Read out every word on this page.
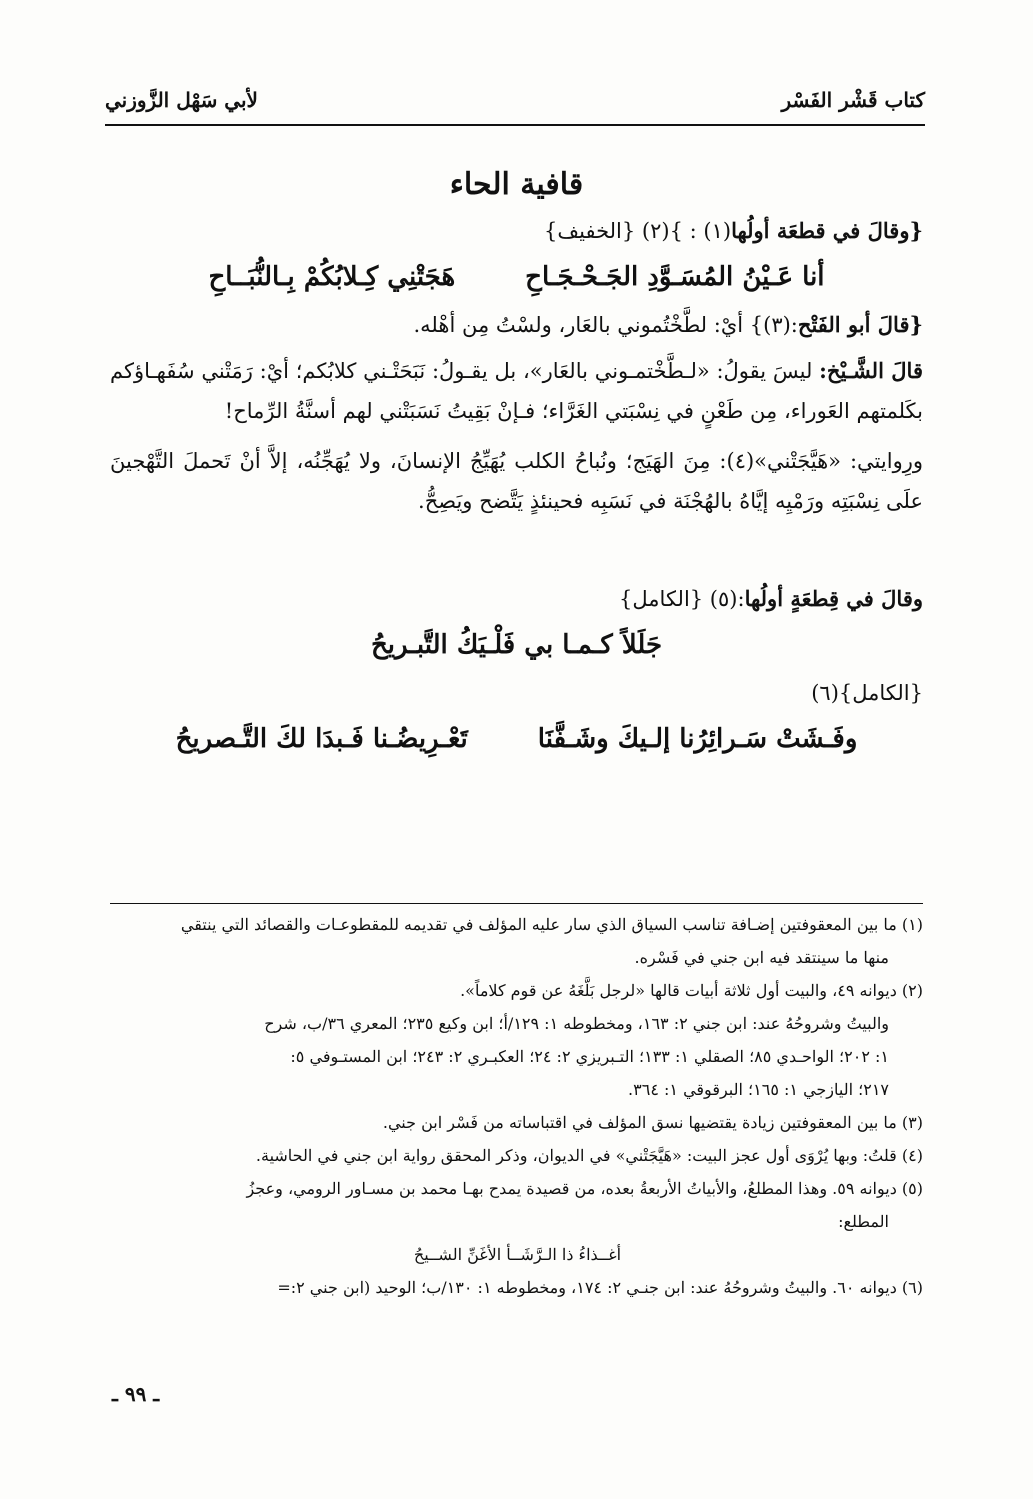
كتاب قَشْر الفَسْر
لأبي سَهْل الزَّوزني

قافية الحاء

{وقالَ في قطعَة أولُها(١) : }(٢) {الخفيف}

أنا عَـيْنُ المُسَـوَّدِ الجَـحْـجَـاحِ
هَجَتْنِي كِـلابُكُمْ بِـالنُّبَــاحِ

{قالَ أبو الفَتْح:(٣)} أيْ: لطَّخْتُموني بالعَار، ولسْتُ مِن أهْله.

قالَ الشَّـيْخ: ليسَ يقولُ: «لـطَّخْتمـوني بالعَار»، بل يقـولُ: نَبَحَتْـني كلابُكم؛ أيْ: رَمَتْني سُفَهـاؤكم بكَلمتهم العَوراء، مِن طَعْنٍ في نِسْبَتي الغَرَّاء؛ فـإنْ بَقِيتُ نَسَبَتْني لهم أسنَّةُ الرِّماح!

ورِوايتي: «هَيَّجَتْني»(٤): مِنَ الهَيَج؛ ونُباحُ الكلب يُهَيِّجُ الإنسانَ، ولا يُهَجِّنُه، إلاَّ أنْ تَحملَ التَّهْجينَ علَى نِسْبَتِه ورَمْيِه إيَّاهُ بالهُجْنَة في نَسَبِه فحينئذٍ يَتَّضح ويَصِحُّ.

وقالَ في قِطعَةٍ أولُها:(٥) {الكامل}

جَلَلاً كـمـا بي فَلْـيَكُ التَّبـريحُ

{الكامل}(٦)

وفَـشَتْ سَـرائِرُنا إلـيكَ وشَـفَّنَا
تَعْـرِيضُـنا فَـبدَا لكَ التَّـصريحُ

(١) ما بين المعقوفتين إضـافة تناسب السياق الذي سار عليه المؤلف في تقديمه للمقطوعـات والقصائد التي ينتقي

منها ما سينتقد فيه ابن جني في فَسْره.

(٢) ديوانه ٤٩، والبيت أول ثلاثة أبيات قالها «لرجل بَلَّغَهُ عن قوم كلاماً».

والبيتُ وشروحُهُ عند: ابن جني ٢: ١٦٣، ومخطوطه ١: ١٢٩/أ؛ ابن وكيع ٢٣٥؛ المعري ٣٦/ب، شرح

١: ٢٠٢؛ الواحـدي ٨٥؛ الصقلي ١: ١٣٣؛ التـبريزي ٢: ٢٤؛ العكبـري ٢: ٢٤٣؛ ابن المستـوفي ٥:

٢١٧؛ اليازجي ١: ١٦٥؛ البرقوقي ١: ٣٦٤.

(٣) ما بين المعقوفتين زيادة يقتضيها نسق المؤلف في اقتباساته من فَسْر ابن جني.

(٤) قلتُ: وبها يُرْوَى أول عجز البيت: «هَيَّجَتْني» في الديوان، وذكر المحقق رواية ابن جني في الحاشية.

(٥) ديوانه ٥٩. وهذا المطلعُ، والأبياتُ الأربعةُ بعده، من قصيدة يمدح بهـا محمد بن مسـاور الرومي، وعجزُ

المطلع:

أغــذاءُ ذا الـرَّشَــأ الأغَنِّ الشــيحُ

(٦) ديوانه ٦٠. والبيتُ وشروحُهُ عند: ابن جنـي ٢: ١٧٤، ومخطوطه ١: ١٣٠/ب؛ الوحيد (ابن جني ٢:=

ـ ٩٩ ـ
